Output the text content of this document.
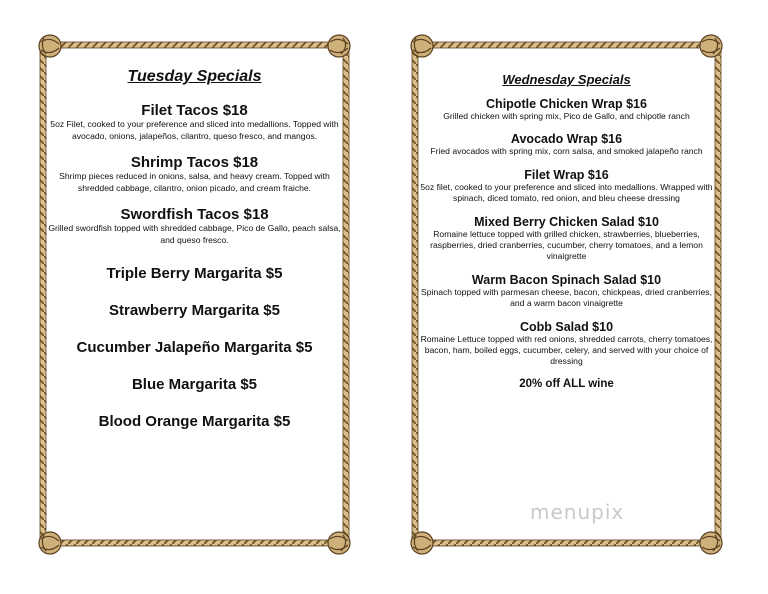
Tuesday Specials
Filet Tacos $18
5oz Filet, cooked to your preference and sliced into medallions. Topped with avocado, onions, jalapeños, cilantro, queso fresco, and mangos.
Shrimp Tacos $18
Shrimp pieces reduced in onions, salsa, and heavy cream. Topped with shredded cabbage, cilantro, onion picado, and cream fraiche.
Swordfish Tacos $18
Grilled swordfish topped with shredded cabbage, Pico de Gallo, peach salsa, and queso fresco.
Triple Berry Margarita $5
Strawberry Margarita $5
Cucumber Jalapeño Margarita $5
Blue Margarita $5
Blood Orange Margarita $5
Wednesday Specials
Chipotle Chicken Wrap $16
Grilled chicken with spring mix, Pico de Gallo, and chipotle ranch
Avocado Wrap $16
Fried avocados with spring mix, corn salsa, and smoked jalapeño ranch
Filet Wrap $16
5oz filet, cooked to your preference and sliced into medallions. Wrapped with spinach, diced tomato, red onion, and bleu cheese dressing
Mixed Berry Chicken Salad $10
Romaine lettuce topped with grilled chicken, strawberries, blueberries, raspberries, dried cranberries, cucumber, cherry tomatoes, and a lemon vinaigrette
Warm Bacon Spinach Salad $10
Spinach topped with parmesan cheese, bacon, chickpeas, dried cranberries, and a warm bacon vinaigrette
Cobb Salad $10
Romaine Lettuce topped with red onions, shredded carrots, cherry tomatoes, bacon, ham, boiled eggs, cucumber, celery, and served with your choice of dressing
20% off ALL wine
menupix
